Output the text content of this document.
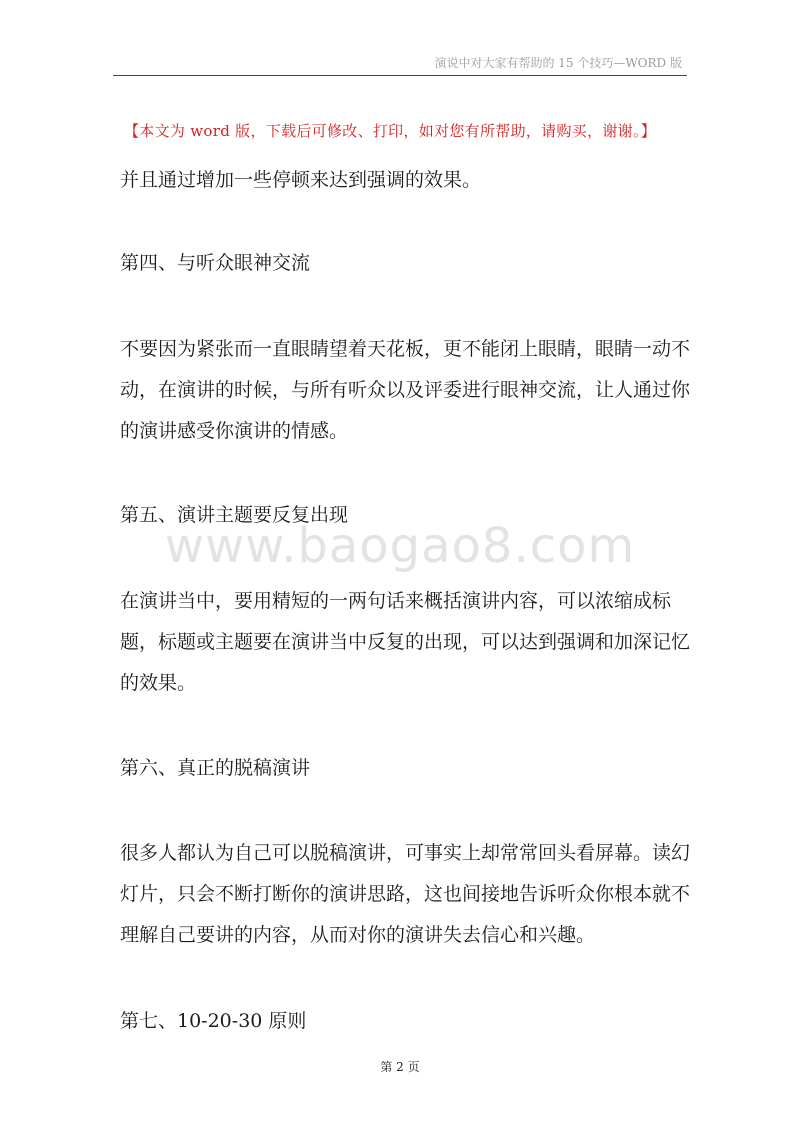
演说中对大家有帮助的 15 个技巧—WORD 版
【本文为 word 版，下载后可修改、打印，如对您有所帮助，请购买，谢谢。】

并且通过增加一些停顿来达到强调的效果。

第四、与听众眼神交流

不要因为紧张而一直眼睛望着天花板，更不能闭上眼睛，眼睛一动不动，在演讲的时候，与所有听众以及评委进行眼神交流，让人通过你的演讲感受你演讲的情感。

第五、演讲主题要反复出现

www.baogao8.com

在演讲当中，要用精短的一两句话来概括演讲内容，可以浓缩成标题，标题或主题要在演讲当中反复的出现，可以达到强调和加深记忆的效果。

第六、真正的脱稿演讲

很多人都认为自己可以脱稿演讲，可事实上却常常回头看屏幕。读幻灯片，只会不断打断你的演讲思路，这也间接地告诉听众你根本就不理解自己要讲的内容，从而对你的演讲失去信心和兴趣。

第七、10-20-30 原则

第 2 页
